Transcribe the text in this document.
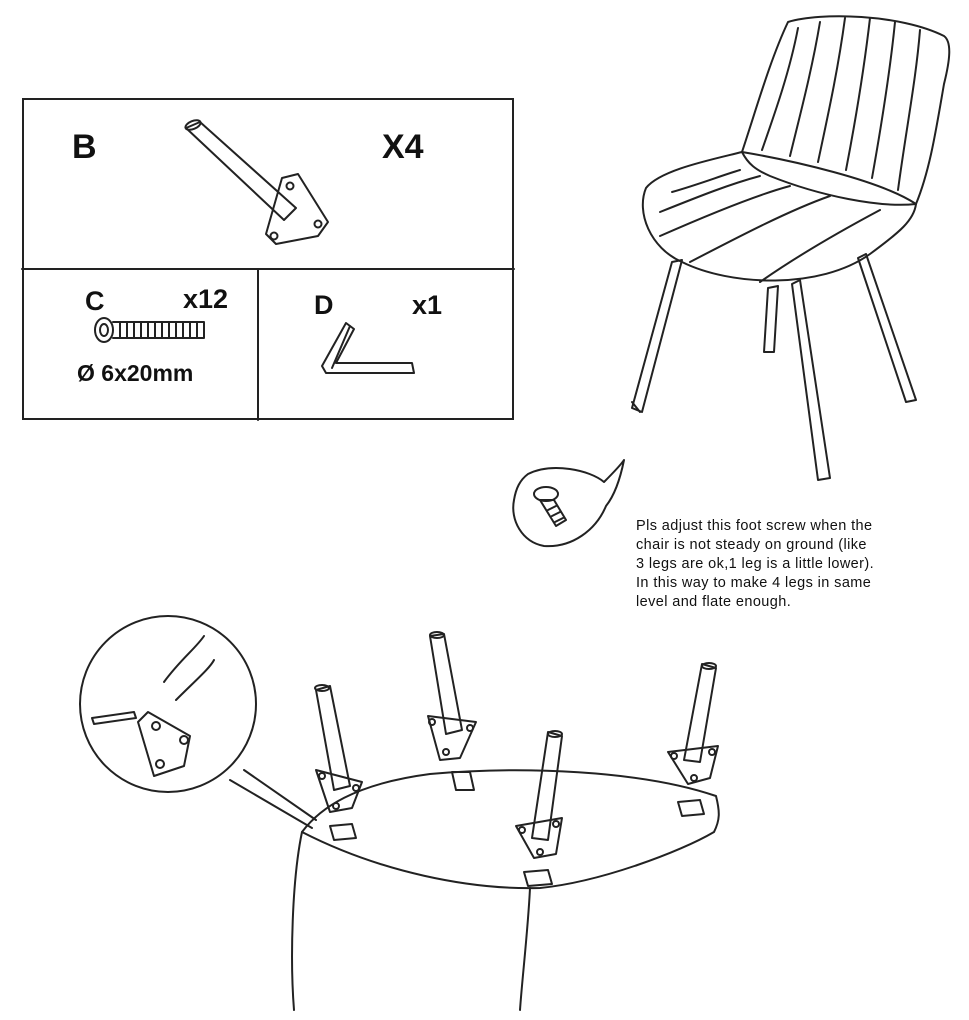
B	X4
C	x12
Ø 6x20mm
D	x1
Pls adjust this foot screw when the
chair is not steady on ground (like
3 legs are ok,1 leg is a little lower).
In this way to make 4 legs in same
level and flate enough.
